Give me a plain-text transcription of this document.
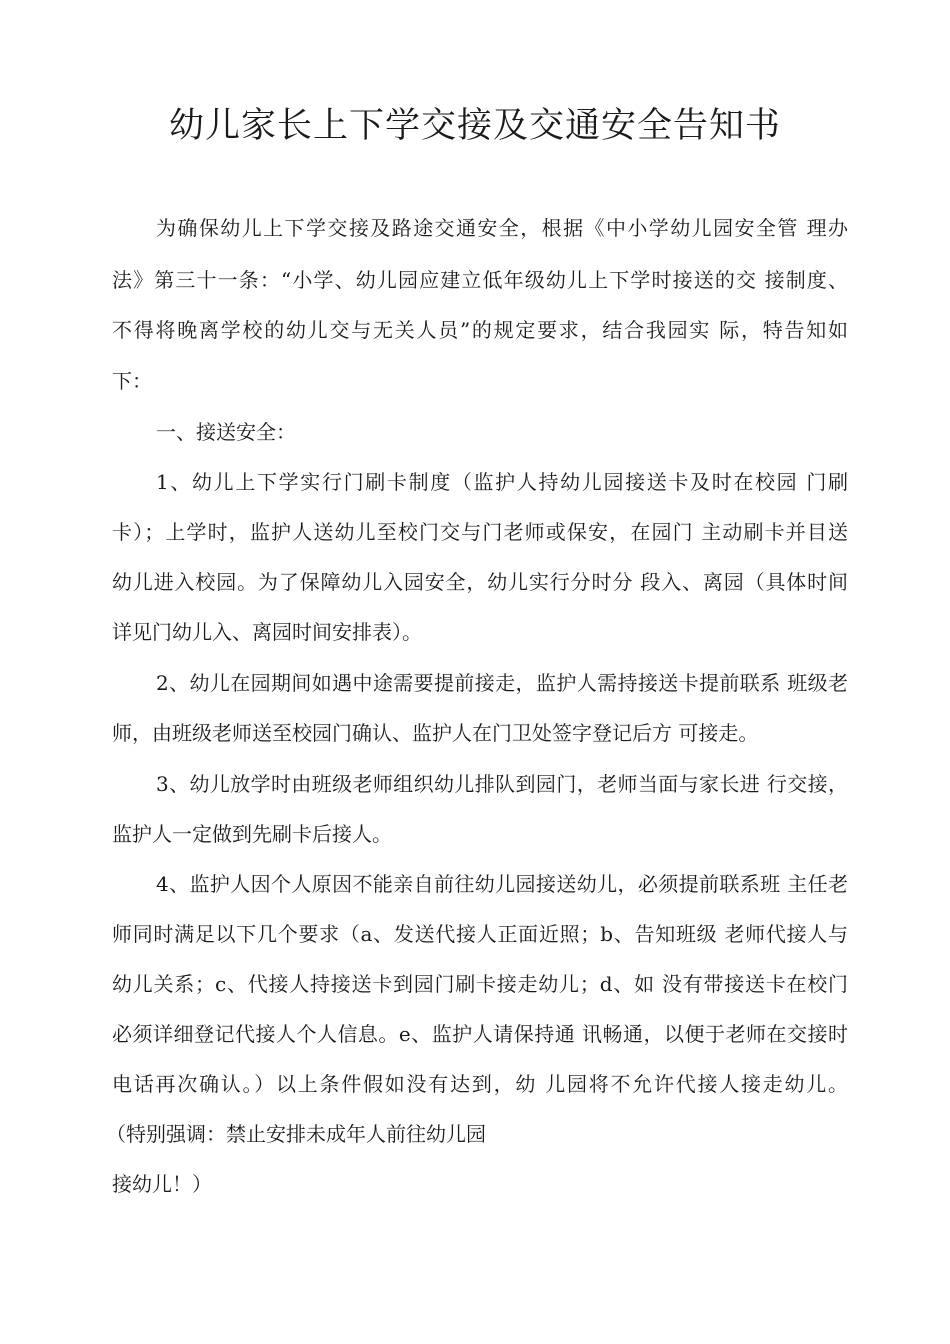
幼儿家长上下学交接及交通安全告知书
为确保幼儿上下学交接及路途交通安全，根据《中小学幼儿园安全管 理办
法》第三十一条：“小学、幼儿园应建立低年级幼儿上下学时接送的交 接制度、
不得将晚离学校的幼儿交与无关人员”的规定要求，结合我园实 际，特告知如
下：
一、接送安全：
1、幼儿上下学实行门刷卡制度（监护人持幼儿园接送卡及时在校园 门刷
卡）；上学时，监护人送幼儿至校门交与门老师或保安，在园门 主动刷卡并目送
幼儿进入校园。为了保障幼儿入园安全，幼儿实行分时分 段入、离园（具体时间
详见门幼儿入、离园时间安排表）。
2、幼儿在园期间如遇中途需要提前接走，监护人需持接送卡提前联系 班级老
师，由班级老师送至校园门确认、监护人在门卫处签字登记后方 可接走。
3、幼儿放学时由班级老师组织幼儿排队到园门，老师当面与家长进 行交接，
监护人一定做到先刷卡后接人。
4、监护人因个人原因不能亲自前往幼儿园接送幼儿，必须提前联系班 主任老
师同时满足以下几个要求（a、发送代接人正面近照；b、告知班级 老师代接人与
幼儿关系；c、代接人持接送卡到园门刷卡接走幼儿；d、如 没有带接送卡在校门
必须详细登记代接人个人信息。e、监护人请保持通 讯畅通，以便于老师在交接时
电话再次确认。）以上条件假如没有达到，幼 儿园将不允许代接人接走幼儿。
（特别强调：禁止安排未成年人前往幼儿园
接幼儿！）
